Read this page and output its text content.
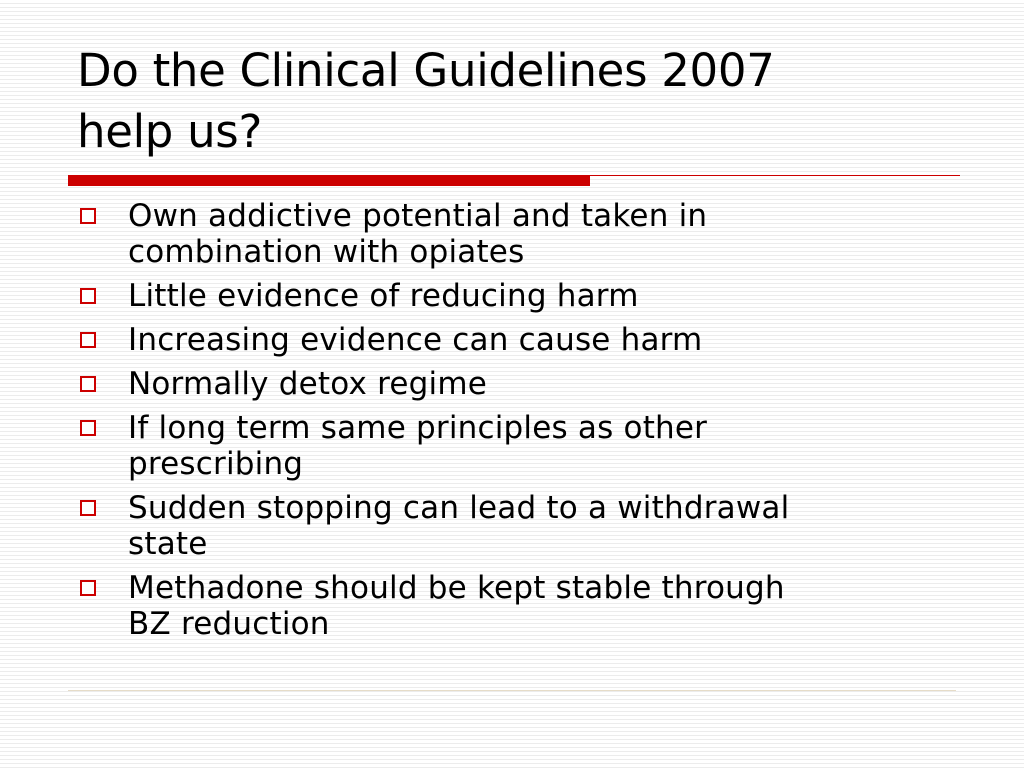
Do the Clinical Guidelines 2007
help us?
Own addictive potential and taken in
combination with opiates
Little evidence of reducing harm
Increasing evidence can cause harm
Normally detox regime
If long term same principles as other
prescribing
Sudden stopping can lead to a withdrawal
state
Methadone should be kept stable through
BZ reduction
